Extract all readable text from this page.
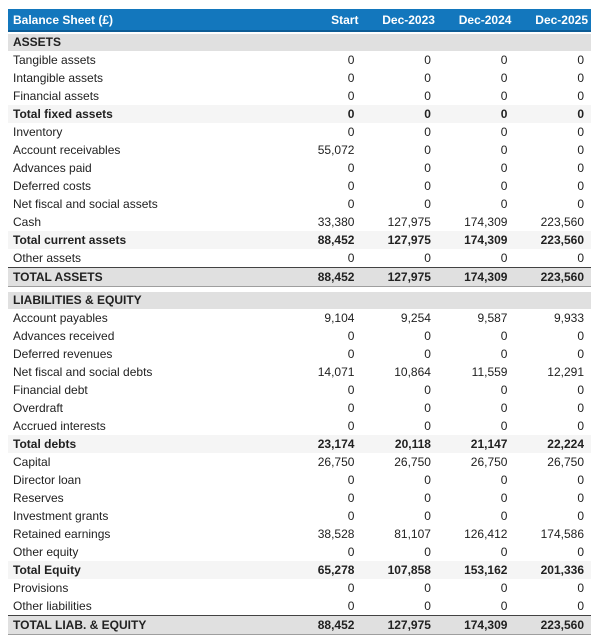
Balance Sheet (£)	Start	Dec-2023	Dec-2024	Dec-2025

ASSETS				
Tangible assets	0	0	0	0
Intangible assets	0	0	0	0
Financial assets	0	0	0	0
Total fixed assets	0	0	0	0
Inventory	0	0	0	0
Account receivables	55,072	0	0	0
Advances paid	0	0	0	0
Deferred costs	0	0	0	0
Net fiscal and social assets	0	0	0	0
Cash	33,380	127,975	174,309	223,560
Total current assets	88,452	127,975	174,309	223,560
Other assets	0	0	0	0
TOTAL ASSETS	88,452	127,975	174,309	223,560

LIABILITIES & EQUITY				
Account payables	9,104	9,254	9,587	9,933
Advances received	0	0	0	0
Deferred revenues	0	0	0	0
Net fiscal and social debts	14,071	10,864	11,559	12,291
Financial debt	0	0	0	0
Overdraft	0	0	0	0
Accrued interests	0	0	0	0
Total debts	23,174	20,118	21,147	22,224
Capital	26,750	26,750	26,750	26,750
Director loan	0	0	0	0
Reserves	0	0	0	0
Investment grants	0	0	0	0
Retained earnings	38,528	81,107	126,412	174,586
Other equity	0	0	0	0
Total Equity	65,278	107,858	153,162	201,336
Provisions	0	0	0	0
Other liabilities	0	0	0	0
TOTAL LIAB. & EQUITY	88,452	127,975	174,309	223,560
